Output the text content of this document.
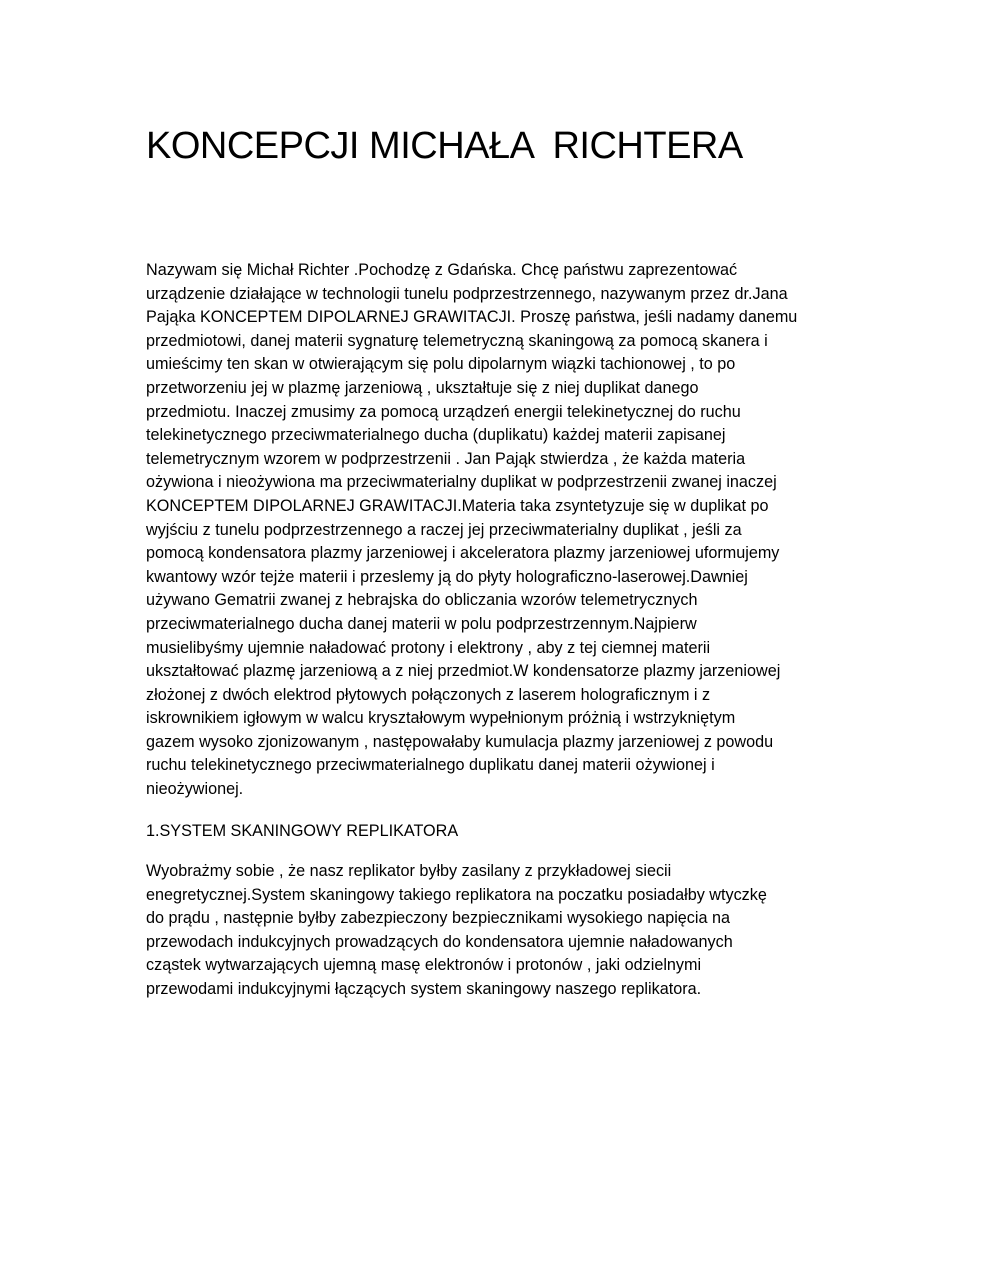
KONCEPCJI MICHAŁA  RICHTERA
Nazywam się Michał Richter .Pochodzę z Gdańska. Chcę państwu zaprezentować
urządzenie działające w technologii tunelu podprzestrzennego, nazywanym przez dr.Jana
Pająka KONCEPTEM DIPOLARNEJ GRAWITACJI. Proszę państwa, jeśli nadamy danemu
przedmiotowi, danej materii sygnaturę telemetryczną skaningową za pomocą skanera i
umieścimy ten skan w otwierającym się polu dipolarnym wiązki tachionowej , to po
przetworzeniu jej w plazmę jarzeniową , ukształtuje się z niej duplikat danego
przedmiotu. Inaczej zmusimy za pomocą urządzeń energii telekinetycznej do ruchu
telekinetycznego przeciwmaterialnego ducha (duplikatu) każdej materii zapisanej
telemetrycznym wzorem w podprzestrzenii . Jan Pająk stwierdza , że każda materia
ożywiona i nieożywiona ma przeciwmaterialny duplikat w podprzestrzenii zwanej inaczej
KONCEPTEM DIPOLARNEJ GRAWITACJI.Materia taka zsyntetyzuje się w duplikat po
wyjściu z tunelu podprzestrzennego a raczej jej przeciwmaterialny duplikat , jeśli za
pomocą kondensatora plazmy jarzeniowej i akceleratora plazmy jarzeniowej uformujemy
kwantowy wzór tejże materii i przeslemy ją do płyty holograficzno-laserowej.Dawniej
używano Gematrii zwanej z hebrajska do obliczania wzorów telemetrycznych
przeciwmaterialnego ducha danej materii w polu podprzestrzennym.Najpierw
musielibyśmy ujemnie naładować protony i elektrony , aby z tej ciemnej materii
ukształtować plazmę jarzeniową a z niej przedmiot.W kondensatorze plazmy jarzeniowej
złożonej z dwóch elektrod płytowych połączonych z laserem holograficznym i z
iskrownikiem igłowym w walcu kryształowym wypełnionym próżnią i wstrzykniętym
gazem wysoko zjonizowanym , następowałaby kumulacja plazmy jarzeniowej z powodu
ruchu telekinetycznego przeciwmaterialnego duplikatu danej materii ożywionej i
nieożywionej.
1.SYSTEM SKANINGOWY REPLIKATORA
Wyobrażmy sobie , że nasz replikator byłby zasilany z przykładowej siecii
enegretycznej.System skaningowy takiego replikatora na poczatku posiadałby wtyczkę
do prądu , następnie byłby zabezpieczony bezpiecznikami wysokiego napięcia na
przewodach indukcyjnych prowadzących do kondensatora ujemnie naładowanych
cząstek wytwarzających ujemną masę elektronów i protonów , jaki odzielnymi
przewodami indukcyjnymi łączących system skaningowy naszego replikatora.
